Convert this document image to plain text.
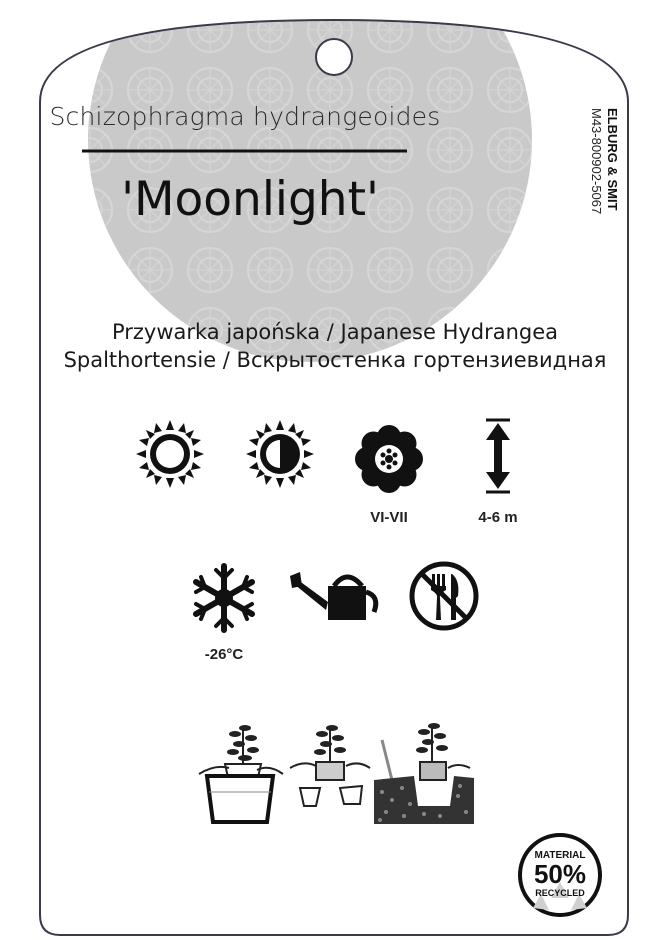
Schizophragma hydrangeoides
'Moonlight'	ELBURG & SMIT
M43-800902-5067
Przywarka japońska / Japanese Hydrangea
Spalthortensie / Вскрытостенка гортензиевидная
VI-VII	4-6 m
-26°C
MATERIAL
50%
RECYCLED
